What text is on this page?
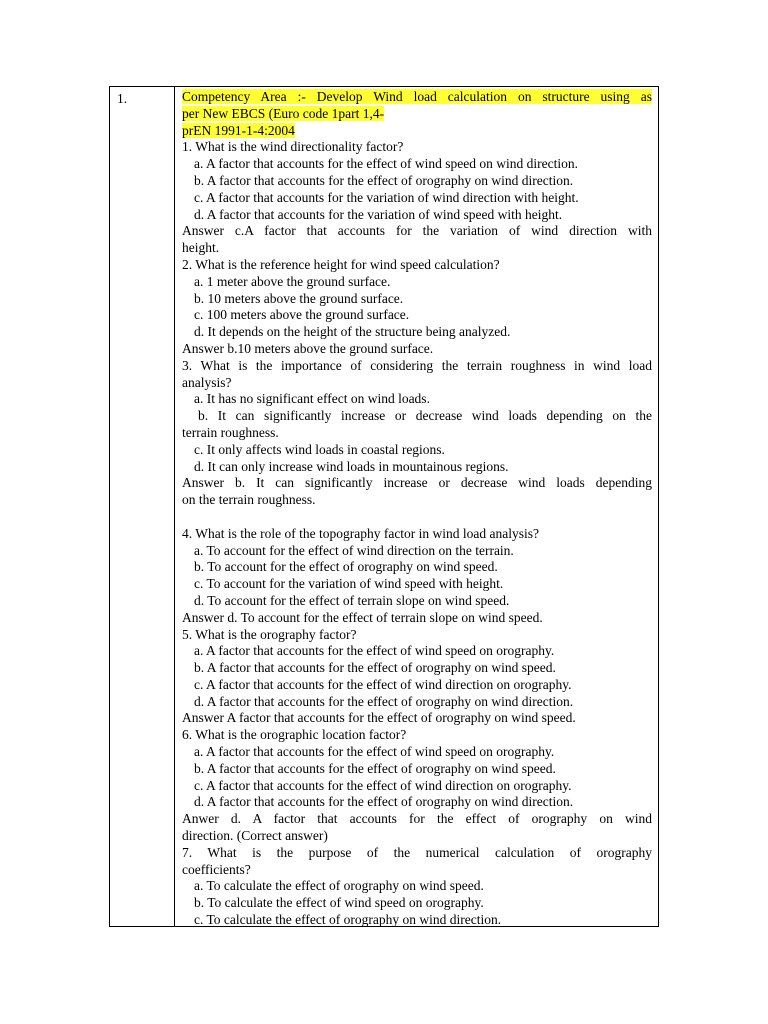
1.	Competency Area :- Develop Wind load calculation on structure using as
per New EBCS (Euro code 1part 1,4-
prEN 1991-1-4:2004
1. What is the wind directionality factor?
a. A factor that accounts for the effect of wind speed on wind direction.
b. A factor that accounts for the effect of orography on wind direction.
c. A factor that accounts for the variation of wind direction with height.
d. A factor that accounts for the variation of wind speed with height.
Answer c.A factor that accounts for the variation of wind direction with
height.
2. What is the reference height for wind speed calculation?
a. 1 meter above the ground surface.
b. 10 meters above the ground surface.
c. 100 meters above the ground surface.
d. It depends on the height of the structure being analyzed.
Answer b.10 meters above the ground surface.
3. What is the importance of considering the terrain roughness in wind load
analysis?
a. It has no significant effect on wind loads.
b. It can significantly increase or decrease wind loads depending on the
terrain roughness.
c. It only affects wind loads in coastal regions.
d. It can only increase wind loads in mountainous regions.
Answer b. It can significantly increase or decrease wind loads depending
on the terrain roughness.
4. What is the role of the topography factor in wind load analysis?
a. To account for the effect of wind direction on the terrain.
b. To account for the effect of orography on wind speed.
c. To account for the variation of wind speed with height.
d. To account for the effect of terrain slope on wind speed.
Answer d. To account for the effect of terrain slope on wind speed.
5. What is the orography factor?
a. A factor that accounts for the effect of wind speed on orography.
b. A factor that accounts for the effect of orography on wind speed.
c. A factor that accounts for the effect of wind direction on orography.
d. A factor that accounts for the effect of orography on wind direction.
Answer A factor that accounts for the effect of orography on wind speed.
6. What is the orographic location factor?
a. A factor that accounts for the effect of wind speed on orography.
b. A factor that accounts for the effect of orography on wind speed.
c. A factor that accounts for the effect of wind direction on orography.
d. A factor that accounts for the effect of orography on wind direction.
Anwer d. A factor that accounts for the effect of orography on wind
direction. (Correct answer)
7. What is the purpose of the numerical calculation of orography
coefficients?
a. To calculate the effect of orography on wind speed.
b. To calculate the effect of wind speed on orography.
c. To calculate the effect of orography on wind direction.
